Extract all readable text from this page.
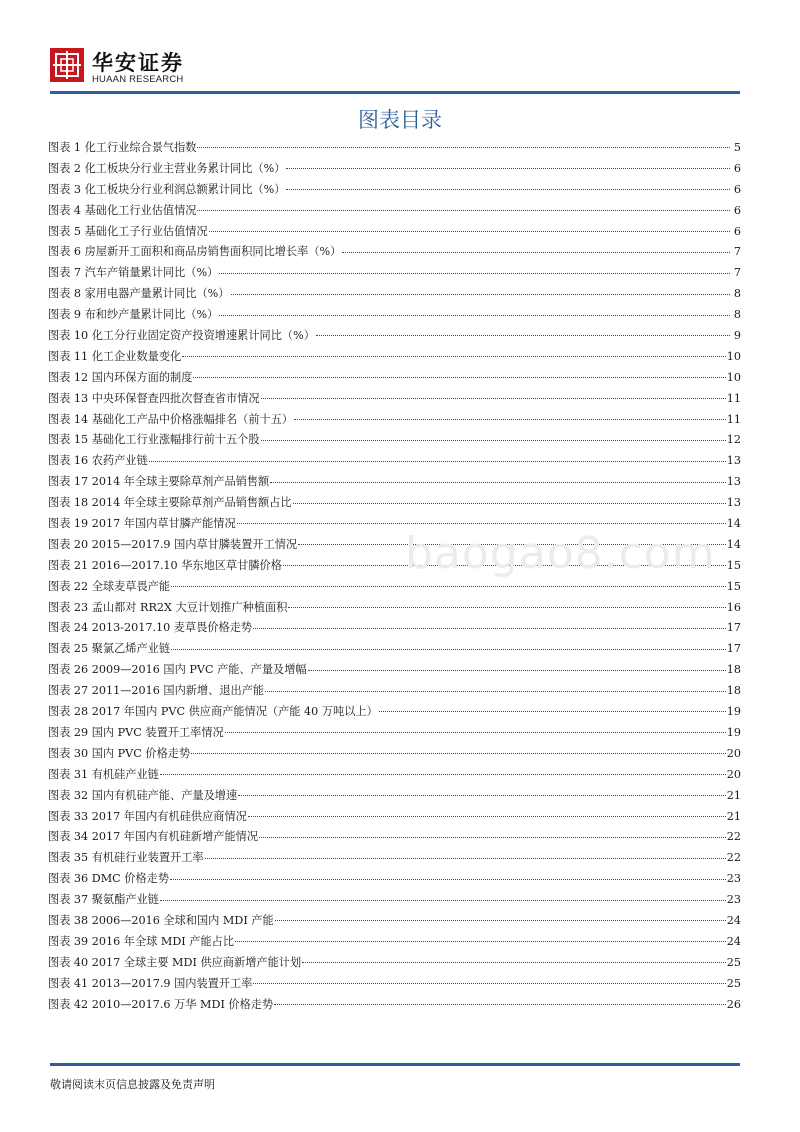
华安证券
HUAAN RESEARCH
图表目录
图表 1 化工行业综合景气指数	5
图表 2 化工板块分行业主营业务累计同比（%）	6
图表 3 化工板块分行业利润总额累计同比（%）	6
图表 4 基础化工行业估值情况	6
图表 5 基础化工子行业估值情况	6
图表 6 房屋新开工面积和商品房销售面积同比增长率（%）	7
图表 7 汽车产销量累计同比（%）	7
图表 8 家用电器产量累计同比（%）	8
图表 9 布和纱产量累计同比（%）	8
图表 10 化工分行业固定资产投资增速累计同比（%）	9
图表 11 化工企业数量变化	10
图表 12 国内环保方面的制度	10
图表 13 中央环保督查四批次督查省市情况	11
图表 14 基础化工产品中价格涨幅排名（前十五）	11
图表 15 基础化工行业涨幅排行前十五个股	12
图表 16 农药产业链	13
图表 17 2014 年全球主要除草剂产品销售额	13
图表 18 2014 年全球主要除草剂产品销售额占比	13
图表 19 2017 年国内草甘膦产能情况	14
图表 20 2015—2017.9 国内草甘膦装置开工情况	14
图表 21 2016—2017.10 华东地区草甘膦价格	15
图表 22 全球麦草畏产能	15
图表 23 孟山都对 RR2X 大豆计划推广种植面积	16
图表 24 2013-2017.10 麦草畏价格走势	17
图表 25 聚氯乙烯产业链	17
图表 26 2009—2016 国内 PVC 产能、产量及增幅	18
图表 27 2011—2016 国内新增、退出产能	18
图表 28 2017 年国内 PVC 供应商产能情况（产能 40 万吨以上）	19
图表 29 国内 PVC 装置开工率情况	19
图表 30 国内 PVC 价格走势	20
图表 31 有机硅产业链	20
图表 32 国内有机硅产能、产量及增速	21
图表 33 2017 年国内有机硅供应商情况	21
图表 34 2017 年国内有机硅新增产能情况	22
图表 35 有机硅行业装置开工率	22
图表 36 DMC 价格走势	23
图表 37 聚氨酯产业链	23
图表 38 2006—2016 全球和国内 MDI 产能	24
图表 39 2016 年全球 MDI 产能占比	24
图表 40 2017 全球主要 MDI 供应商新增产能计划	25
图表 41 2013—2017.9 国内装置开工率	25
图表 42 2010—2017.6 万华 MDI 价格走势	26
baogao8.com
敬请阅读末页信息披露及免责声明
